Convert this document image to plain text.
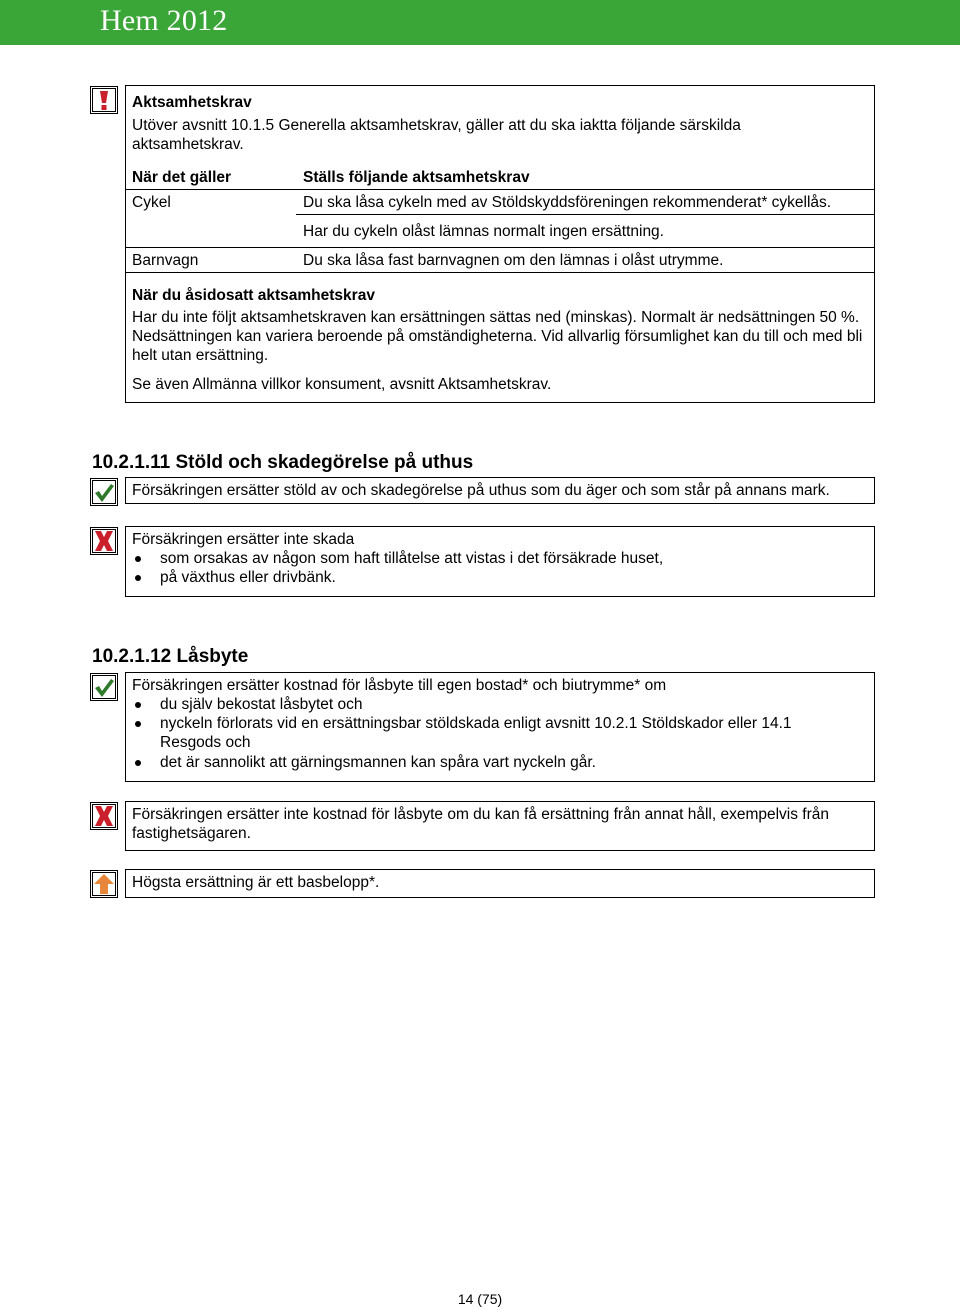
Hem 2012
Aktsamhetskrav
Utöver avsnitt 10.1.5 Generella aktsamhetskrav, gäller att du ska iaktta följande särskilda aktsamhetskrav.
När det gäller	Ställs följande aktsamhetskrav
Cykel	Du ska låsa cykeln med av Stöldskyddsföreningen rekommenderat* cykellås.
Har du cykeln olåst lämnas normalt ingen ersättning.
Barnvagn	Du ska låsa fast barnvagnen om den lämnas i olåst utrymme.
När du åsidosatt aktsamhetskrav
Har du inte följt aktsamhetskraven kan ersättningen sättas ned (minskas). Normalt är nedsättningen 50 %. Nedsättningen kan variera beroende på omständigheterna. Vid allvarlig försumlighet kan du till och med bli helt utan ersättning.
Se även Allmänna villkor konsument, avsnitt Aktsamhetskrav.
10.2.1.11 Stöld och skadegörelse på uthus
Försäkringen ersätter stöld av och skadegörelse på uthus som du äger och som står på annans mark.
Försäkringen ersätter inte skada
som orsakas av någon som haft tillåtelse att vistas i det försäkrade huset,
på växthus eller drivbänk.
10.2.1.12 Låsbyte
Försäkringen ersätter kostnad för låsbyte till egen bostad* och biutrymme* om
du själv bekostat låsbytet och
nyckeln förlorats vid en ersättningsbar stöldskada enligt avsnitt 10.2.1 Stöldskador eller 14.1 Resgods och
det är sannolikt att gärningsmannen kan spåra vart nyckeln går.
Försäkringen ersätter inte kostnad för låsbyte om du kan få ersättning från annat håll, exempelvis från fastighetsägaren.
Högsta ersättning är ett basbelopp*.
14 (75)
